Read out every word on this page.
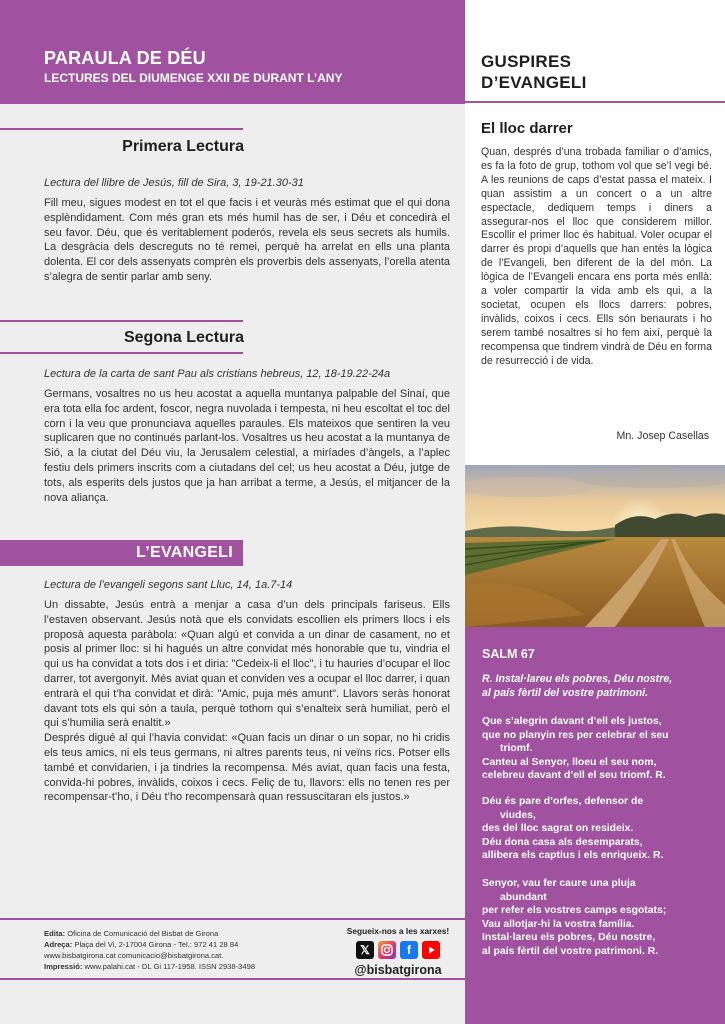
PARAULA DE DÉU
LECTURES DEL DIUMENGE XXII DE DURANT L’ANY
Primera Lectura
Lectura del llibre de Jesús, fill de Sira, 3, 19-21.30-31
Fill meu, sigues modest en tot el que facis i et veuràs més estimat que el qui dona esplèndidament. Com més gran ets més humil has de ser, i Déu et concedirà el seu favor. Déu, que és veritablement poderós, revela els seus secrets als humils. La desgràcia dels descreguts no té remei, perquè ha arrelat en ells una planta dolenta. El cor dels assenyats comprèn els proverbis dels assenyats, l’orella atenta s’alegra de sentir parlar amb seny.
Segona Lectura
Lectura de la carta de sant Pau als cristians hebreus, 12, 18-19.22-24a
Germans, vosaltres no us heu acostat a aquella muntanya palpable del Sinaí, que era tota ella foc ardent, foscor, negra nuvolada i tempesta, ni heu escoltat el toc del corn i la veu que pronunciava aquelles paraules. Els mateixos que sentiren la veu suplicaren que no continués parlant-los. Vosaltres us heu acostat a la muntanya de Sió, a la ciutat del Déu viu, la Jerusalem celestial, a miríades d’àngels, a l’aplec festiu dels primers inscrits com a ciutadans del cel; us heu acostat a Déu, jutge de tots, als esperits dels justos que ja han arribat a terme, a Jesús, el mitjancer de la nova aliança.
L’EVANGELI
Lectura de l’evangeli segons sant Lluc, 14, 1a.7-14
Un dissabte, Jesús entrà a menjar a casa d’un dels principals fariseus. Ells l’estaven observant. Jesús notà que els convidats escollien els primers llocs i els proposà aquesta paràbola: «Quan algú et convida a un dinar de casament, no et posis al primer lloc: si hi hagués un altre convidat més honorable que tu, vindria el qui us ha convidat a tots dos i et diria: "Cedeix-li el lloc", i tu hauries d’ocupar el lloc darrer, tot avergonyit. Més aviat quan et conviden ves a ocupar el lloc darrer, i quan entrarà el qui t’ha convidat et dirà: "Amic, puja més amunt". Llavors seràs honorat davant tots els qui són a taula, perquè tothom qui s’enalteix serà humiliat, però el qui s’humilia serà enaltit.»
Després digué al qui l’havia convidat: «Quan facis un dinar o un sopar, no hi cridis els teus amics, ni els teus germans, ni altres parents teus, ni veïns rics. Potser ells també et convidarien, i ja tindries la recompensa. Més aviat, quan facis una festa, convida-hi pobres, invàlids, coixos i cecs. Feliç de tu, llavors: ells no tenen res per recompensar-t’ho, i Déu t’ho recompensarà quan ressuscitaran els justos.»
Edita: Oficina de Comunicació del Bisbat de Girona
Adreça: Plaça del Vi, 2-17004 Girona - Tel.: 972 41 28 84
www.bisbatgirona.cat comunicacio@bisbatgirona.cat.
Impressió: www.palahi.cat - DL Gi 117-1958. ISSN 2938-3498
Segueix-nos a les xarxes!
𝕏	f
@bisbatgirona
GUSPIRES
D’EVANGELI
El lloc darrer
Quan, després d’una trobada familiar o d’amics, es fa la foto de grup, tothom vol que se’l vegi bé. A les reunions de caps d’estat passa el mateix. I quan assistim a un concert o a un altre espectacle, dediquem temps i diners a assegurar-nos el lloc que considerem millor. Escollir el primer lloc és habitual. Voler ocupar el darrer és propi d’aquells que han entès la lògica de l’Evangeli, ben diferent de la del món. La lògica de l’Evangeli encara ens porta més enllà: a voler compartir la vida amb els qui, a la societat, ocupen els llocs darrers: pobres, invàlids, coixos i cecs. Ells són benaurats i ho serem també nosaltres si ho fem així, perquè la recompensa que tindrem vindrà de Déu en forma de resurrecció i de vida.
Mn. Josep Casellas
SALM 67
R. Instal·lareu els pobres, Déu nostre,
al país fèrtil del vostre patrimoni.
Que s’alegrin davant d’ell els justos,
que no planyin res per celebrar el seu
triomf.
Canteu al Senyor, lloeu el seu nom,
celebreu davant d’ell el seu triomf. R.
Déu és pare d’orfes, defensor de
viudes,
des del lloc sagrat on resideix.
Déu dona casa als desemparats,
allibera els captius i els enriqueix. R.
Senyor, vau fer caure una pluja
abundant
per refer els vostres camps esgotats;
Vau allotjar-hi la vostra família.
Instal·lareu els pobres, Déu nostre,
al país fèrtil del vostre patrimoni. R.
